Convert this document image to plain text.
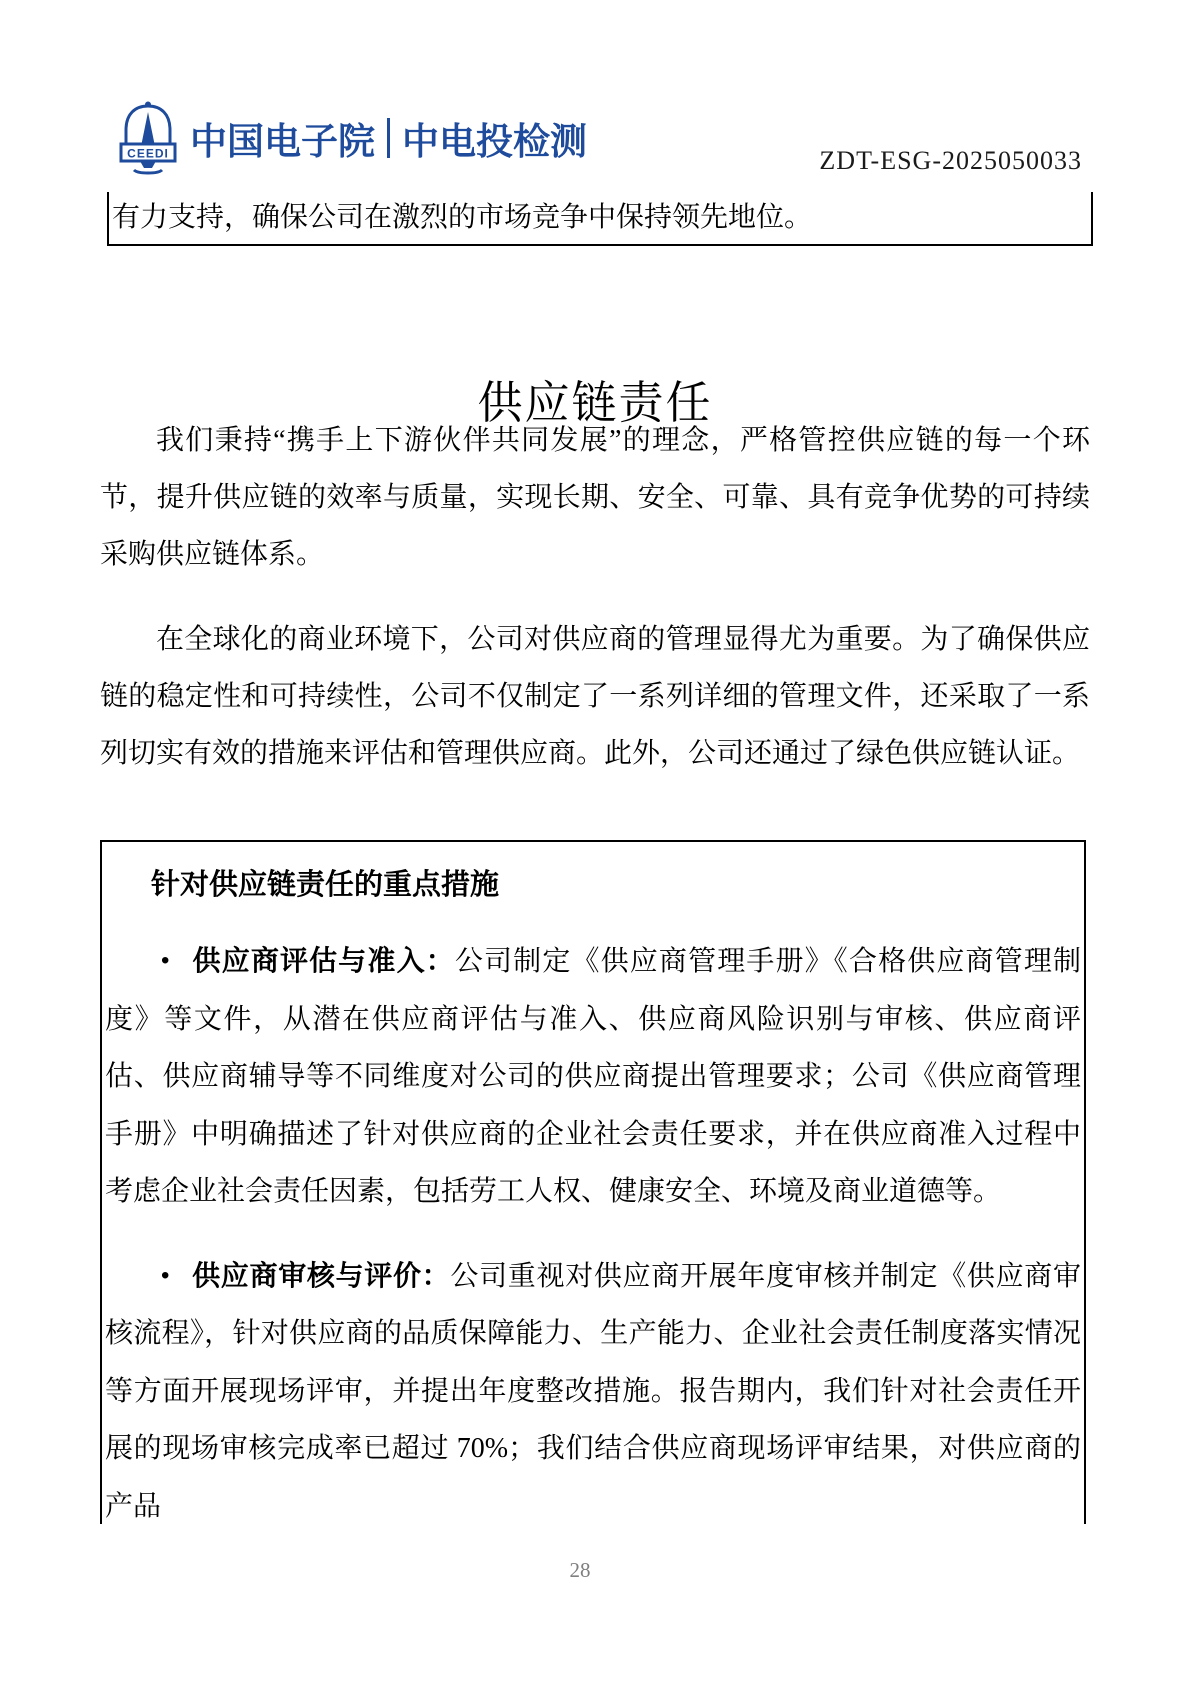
CEEDI 中国电子院 中电投检测	ZDT-ESG-2025050033
有力支持，确保公司在激烈的市场竞争中保持领先地位。
供应链责任

我们秉持“携手上下游伙伴共同发展”的理念，严格管控供应链的每一个环节，提升供应链的效率与质量，实现长期、安全、可靠、具有竞争优势的可持续采购供应链体系。

在全球化的商业环境下，公司对供应商的管理显得尤为重要。为了确保供应链的稳定性和可持续性，公司不仅制定了一系列详细的管理文件，还采取了一系列切实有效的措施来评估和管理供应商。此外，公司还通过了绿色供应链认证。

针对供应链责任的重点措施

• 供应商评估与准入：公司制定《供应商管理手册》《合格供应商管理制度》等文件，从潜在供应商评估与准入、供应商风险识别与审核、供应商评估、供应商辅导等不同维度对公司的供应商提出管理要求；公司《供应商管理手册》中明确描述了针对供应商的企业社会责任要求，并在供应商准入过程中考虑企业社会责任因素，包括劳工人权、健康安全、环境及商业道德等。

• 供应商审核与评价：公司重视对供应商开展年度审核并制定《供应商审核流程》，针对供应商的品质保障能力、生产能力、企业社会责任制度落实情况等方面开展现场评审，并提出年度整改措施。报告期内，我们针对社会责任开展的现场审核完成率已超过 70%；我们结合供应商现场评审结果，对供应商的产品

28
